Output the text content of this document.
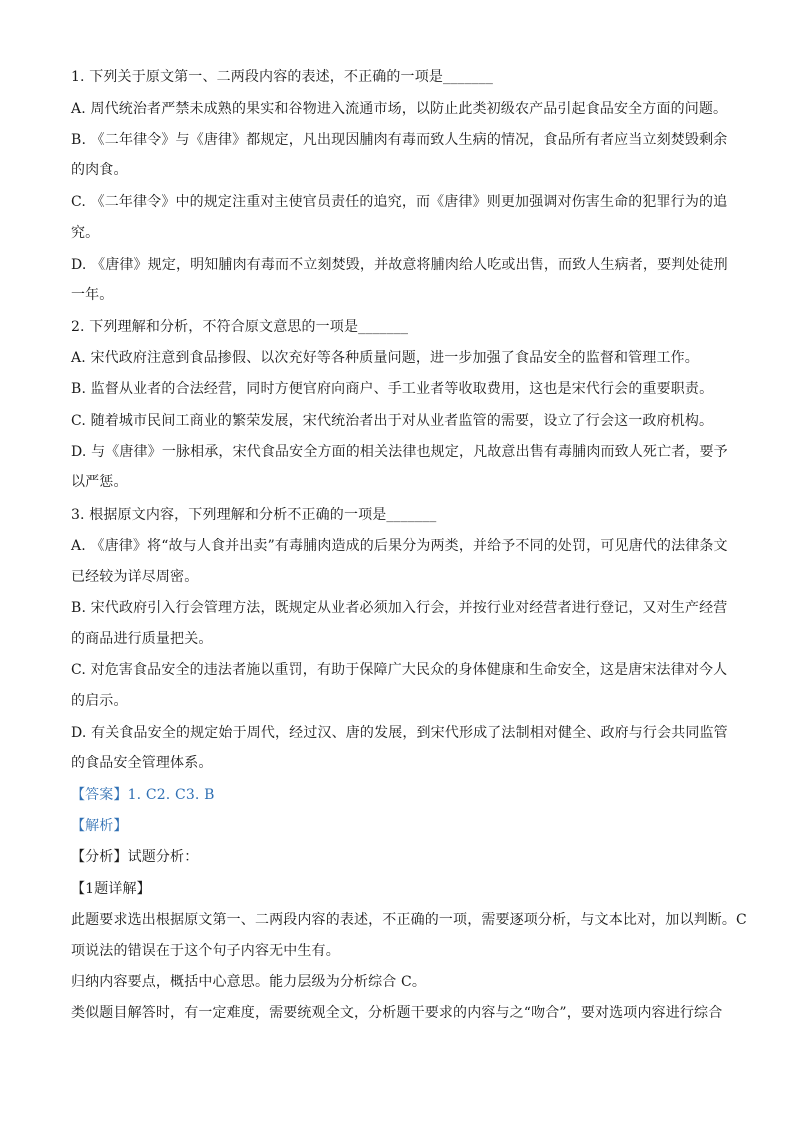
1. 下列关于原文第一、二两段内容的表述，不正确的一项是_______
A. 周代统治者严禁未成熟的果实和谷物进入流通市场，以防止此类初级农产品引起食品安全方面的问题。
B. 《二年律令》与《唐律》都规定，凡出现因脯肉有毒而致人生病的情况，食品所有者应当立刻焚毁剩余
的肉食。
C. 《二年律令》中的规定注重对主使官员责任的追究，而《唐律》则更加强调对伤害生命的犯罪行为的追
究。
D. 《唐律》规定，明知脯肉有毒而不立刻焚毁，并故意将脯肉给人吃或出售，而致人生病者，要判处徒刑
一年。
2. 下列理解和分析，不符合原文意思的一项是_______
A. 宋代政府注意到食品掺假、以次充好等各种质量问题，进一步加强了食品安全的监督和管理工作。
B. 监督从业者的合法经营，同时方便官府向商户、手工业者等收取费用，这也是宋代行会的重要职责。
C. 随着城市民间工商业的繁荣发展，宋代统治者出于对从业者监管的需要，设立了行会这一政府机构。
D. 与《唐律》一脉相承，宋代食品安全方面的相关法律也规定，凡故意出售有毒脯肉而致人死亡者，要予
以严惩。
3. 根据原文内容，下列理解和分析不正确的一项是_______
A. 《唐律》将“故与人食并出卖”有毒脯肉造成的后果分为两类，并给予不同的处罚，可见唐代的法律条文
已经较为详尽周密。
B. 宋代政府引入行会管理方法，既规定从业者必须加入行会，并按行业对经营者进行登记，又对生产经营
的商品进行质量把关。
C. 对危害食品安全的违法者施以重罚，有助于保障广大民众的身体健康和生命安全，这是唐宋法律对今人
的启示。
D. 有关食品安全的规定始于周代，经过汉、唐的发展，到宋代形成了法制相对健全、政府与行会共同监管
的食品安全管理体系。
【答案】1. C2. C3. B
【解析】
【分析】试题分析：
【1题详解】
此题要求选出根据原文第一、二两段内容的表述，不正确的一项，需要逐项分析，与文本比对，加以判断。C
项说法的错误在于这个句子内容无中生有。
归纳内容要点，概括中心意思。能力层级为分析综合 C。
类似题目解答时，有一定难度，需要统观全文，分析题干要求的内容与之“吻合”，要对选项内容进行综合
